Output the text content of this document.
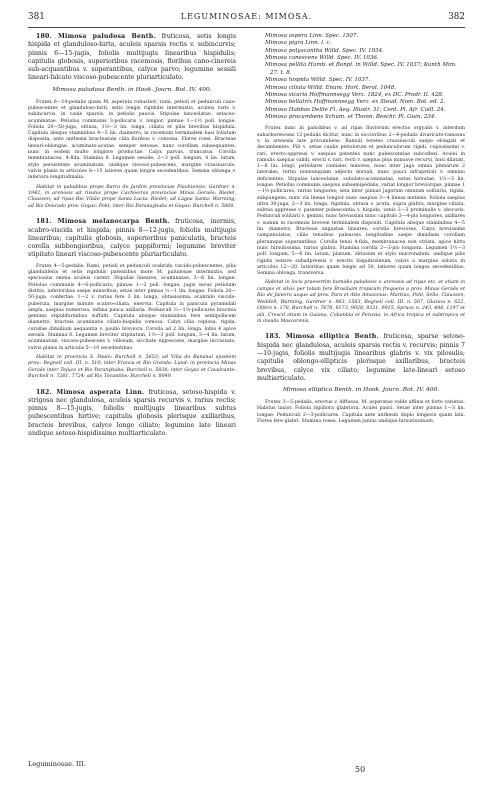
381	LEGUMINOSAE: MIMOSA.	382

180. Mimosa paludosa Benth. fruticosa, setis longis hispida et glanduloso-hirta, aculeis sparsis rectis v. subincurvis; pinnis 6—15-jugis, foliolis multijugis linearibus hispidulis; capitulis globosis, superioribus racemosis, floribus cano-cinereis sub-acquantibus v. superantibus, calyce parvo; legumine sessili lineari-falcato viscoso-pubescente pluriarticulato.

Mimosa paludosa Benth. in Hook. Journ. Bot. IV. 400.

Frutex 6—10-pedalis quam M. asperata robustior; rami, petioli et pedunculi cano-pubescentes et glanduloso-hirti, setis longis rigidulis intermixtis, aculeis raris v. subincurvis, in caule sparsis, in petiolis paucis. Stipulae lanceolatae, setaceo-acuminatae. Petiolus communis 3-pollicaris v. longior, pinnae 1—1½ poll. longae. Foliola 20—50-juga, obtusa, 1½—3 lin. longa, ciliata et pilis brevibus hispidula. Capitula absque staminibus 4—5 lin. diametro, in racemum terminalem basi foliatum disposita, ante anthesin bracteatum cilia floribus v. convexa. Flores rosei. Bracteae lineari-oblongae, acuminato-acutae, semper setosae, nunc corollam subaequantes, nunc in eodem multo longiore productae. Calyx parvus, truncatus. Corolla membranacea, 4-fida. Stamina 8. Legumen sessile, 2—3 poll. longum, 4 lin. latum, stylo persistente acuminatum, undique viscoso-pubescens, margine crassiusculo, valvis planis in articulos 8—15 latiores quam longos secedentibus. Semina oblonga v. inferiora longitudinalia.

Habitat in paludibus prope Barra do Jardim provinciae Piauhiensis: Gardner n. 1942; in arenosis ad rivulos prope Cachoeiras provinciae Minas Geraës: Riedel, Claussen; ad ripas Rio Vibão prope Santa Lucia: Riedel; ad Lagoa Santa: Warming; ad Rio Dourado prov. Goyaz: Pohl; inter Rio Paranaybuba et Goyaz: Burchell n. 5868.

181. Mimosa melanocarpa Benth. fruticosa, inermis, scabro-viscida et hispida; pinnis 8—12-jugis, foliolis multijugis linearibus; capitulis globosis, superioribus paniculatis, bracteis corolla subbongioribus, calyce pappiformi; legumine breviter stipitato lineari viscoso-pubescente pluriarticulato.

Frutex 4—5-pedalis. Rami, petioli et pedunculi scabrido viscido-pubescentes, pilis glanduliferis et setis rigidulis patentibus more M. paludosae intermixtis, sed speciosius omnia aculeis carent. Stipulae lineares, acuminatae, 3—6 lin. longae. Petiolus communis 4—6-pollicaris; pinnae 1—2 poll. longae, jugis secus petiolum distitis, inferioribus saepe minoribus; setae inter pinnas ⅓—1 lin. longae. Foliola 20—50-juga, confertae, 1—2 v. rarius fere 3 lin. longa, obtusissima, scabrido viscido-puberula, margine minute scabro-ciliata, enervia. Capitula in panicula pyramidali ampla, saepius numerosa, infima pauca axillaria. Pedunculi ⅓—1½-pollicares bracteis geminis stipuliformibus suffulti. Capitula absque staminibus fere semipollicem diametro, bracteis acuminatis ciliato-hispidis comosa. Calyx cilia copiosa, rigida, corollae dimidium aequantia v. paullo breviora. Corolla ad 2 lin. longa, lobis 4 apice setosis. Stamina 8. Legumen breviter stipitatum, 1½—3 poll. longum, 3—4 lin. latum, acuminatum, viscoso-pubescens v. villosum, siccitate nigrescens, margine incrassato, valvis planis in articulis 5—10 secedentibus.

Habitat in provincia S. Paulo: Burchell n. 5653; ad Villa do Bananal ejusdem prov.: Regnell coll. III. n. 510; inter Franca et Rio Grande: Lund; in provincia Minas Geraës inter Tejuco et Rio Paranybuba: Burchell n. 5838; inter Goyaz et Cavalcante: Burchell n. 7261, 7724; ad Rio Tocantins: Burchell n. 8049.

182. Mimosa asperata Linn. fruticosa, setoso-hispida v. strigosa nec glandulosa, aculeis sparsis recurvis v. rarius rectis; pinnis 8—15-jugis, foliolis multijugis linearibus subtus pubescentibus hirtive; capitulis globosis plerisque axillaribus, bracteis brevibus, calyce longe ciliato; legumine late lineari undique setoso-hispidissimo multiarticulato.

Mimosa aspera Linn. Spec. 1507.

Mimosa pigra Linn. l. c.

Mimosa polyacantha Willd. Spec. IV. 1034.

Mimosa canescens Willd. Spec. IV. 1036.

Mimosa pellita Humb. et Bonpl. in Willd. Spec. IV. 1037; Kunth Mim. 27. t. 8.

Mimosa hispida Willd. Spec. IV. 1037.

Mimosa ciliata Willd. Enum. Hort. Berol. 1048.

Mimosa sicaria Hoffmannsegg Verz. 1824, ex DC. Prodr. II. 428.

Mimosa bellatrix Hoffmannsegg Verz. ex Steud. Nom. Bot. ed. 2.

Mimosa Habbas Delile Fl. Aeg. Illustr. 31; Cent. Pl. Afr. Caill. 24.

Mimosa procumbens Schum. et Thonn. Beschr. Pl. Guin. 234.

Frutex nunc in paludibus v. ad ripas fluviorum erectus orgyalis v. interdum subarborescens 12-pedalis dicitur, nunc in siccioribus 2—4-pedalis divaricato-ramosus v. in arenosis late procumbens. Ramuli teretes crassiusculi saepe elongati et decumbentes. Pili v. setae caulis petiolorum et pedunculorum rigidi, copiosissimi v. rari, erecto-appressi v. saepius patentes nunc pubescentiae subcoflexi. Aculei in ramulis saepius validi, erecti v. rari, recti v. saepius plus minusve recurvi, basi dilatati, 1—6 lin. longi; petiolares conliales minores, nunc inter juga omnia pinnarum 2 laterales, tertio nonnunquam adjecto dorsali, nunc pauci infrapetioli v. omnino deficientes. Stipulae lanceolatae, subulato-acuminatae, extus hirsutae, 1½—3 lin. longae. Petiolus communis saepius subsemipedalis, variat longior breviorque; pinnae 1—1½-pollicares, rarius longiores; seta inter pinnas jugorum omnium solitaria, rigida, subpungens, nunc vix lineae longior nunc saepius 3—4 lineas metiens. Foliola saepius ultra 30-juga, 2—3 lin. longa, rigidula, obtusa v. acuta, supra glabra, margine ciliata, subtus appresse v. patenter pubescentia v. hispida, venis 2—3 prominulis v. obscuris. Pedunculi solitarii v. gemini, nunc brevissimi nunc capitulo 3—4-plo longiores, axillares v. summi in racemum brevem terminalem dispositi. Capitula absque staminibus 4—5 lin. diametro. Bracteae angustae lineares, corolla breviores. Calyx brevissime campanulatus, ciliis tenuibus paleaceis longitudine saepe dimidiam corollam plerumque superantibus. Corolla tenui 4-fida, membranacea non striata, apice hirta nunc hirsutissima, rarius glabra. Stamina corolla 2—3-plo longiora. Legumen 1½—3 poll. longum, 5—6 lin. latum, planum, obtusum et stylo mucronatum, undique pilis rigidis setisve subadpressis v. erectis hispidissimum, valvis a margine solutis in articulos 12—20, latioribus quam longis ad 30, latiores quam longos secedentibus. Semina oblonga, transversa.

Habitat in locis praesertim humidis paludosis v. arenosis ad ripas etc. et etiam in campis et silvis per totam fere Brasiliam tropicam frequens a prov. Minas Geraës et Rio de Janeiro usque ad prov. Para et Alto Amazonas: Martius, Pohl, Sello, Claussen, Weddell, Warming, Gardner n. 963, 1583, Regnell coll. III. n. 507, Glaziou n. 622, Olfers n. 178, Burchell n. 7678, 8173, 9028, 9321, 9915, Spruce n. 243, 488, 1197 et alii. Crescit etiam in Guiana, Columbia et Peruvia, in Africa tropica et subtropica et in insulis Mascarenis.

183. Mimosa elliptica Benth. fruticosa, sparse setoso-hispida nec glandulosa, aculeis sparsis rectis v. recurvis; pinnis 7—10-jugis, foliolis multijugis linearibus glabris v. vix pilosulis; capitulis oblongo-ellipticis plerisque axillaribus, bracteis brevibus, calyce vix ciliato; legumine late-lineari setoso multiarticulato.

Mimosa elliptica Benth. in Hook. Journ. Bot. IV. 400.

Frutex 3—5-pedalis, erectus v. diffusus, M. asperatae valde affinis et forte varietas. Habitus laxior. Foliola rigidiora glabriora. Aculei pauci. Setae inter pinnas 1—3 lin. longae. Pedunculi 2—3-pollicares. Capitula ante anthesin duplo longiora quam lata. Flores fere glabri. Stamina rosea. Legumen junius undique hirsutissimum,

Leguminosae. III.
50
